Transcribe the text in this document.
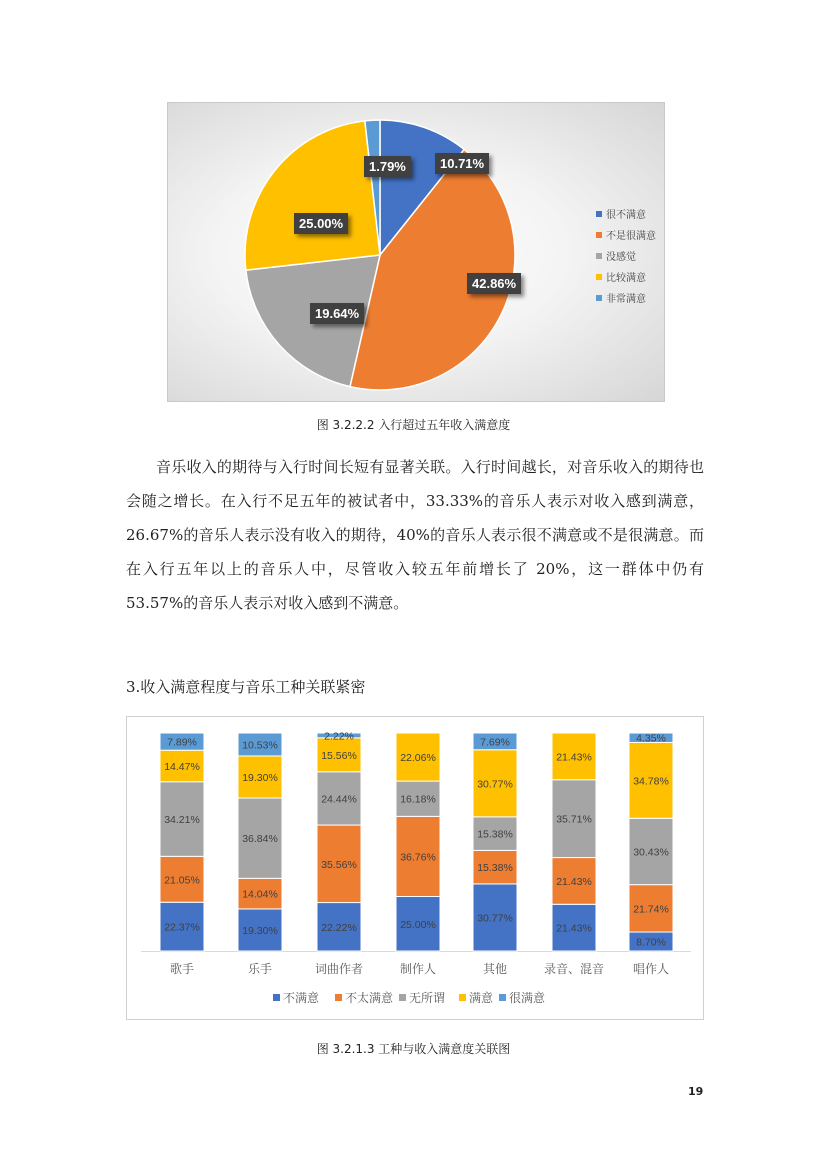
10.71%
42.86%
19.64%
25.00%
1.79%
很不满意
不是很满意
没感觉
比较满意
非常满意
图 3.2.2.2 入行超过五年收入满意度

音乐收入的期待与入行时间长短有显著关联。入行时间越长，对音乐收入的期待也会随之增长。在入行不足五年的被试者中，33.33%的音乐人表示对收入感到满意，26.67%的音乐人表示没有收入的期待，40%的音乐人表示很不满意或不是很满意。而在入行五年以上的音乐人中，尽管收入较五年前增长了 20%，这一群体中仍有 53.57%的音乐人表示对收入感到不满意。

3.收入满意程度与音乐工种关联紧密
22.37%
21.05%
34.21%
14.47%
7.89%
歌手
19.30%
14.04%
36.84%
19.30%
10.53%
乐手
22.22%
35.56%
24.44%
15.56%
2.22%
词曲作者
25.00%
36.76%
16.18%
22.06%
制作人
30.77%
15.38%
15.38%
30.77%
7.69%
其他
21.43%
21.43%
35.71%
21.43%
录音、混音
8.70%
21.74%
30.43%
34.78%
4.35%
唱作人
不满意 不太满意 无所谓 满意 很满意
图 3.2.1.3 工种与收入满意度关联图
19
